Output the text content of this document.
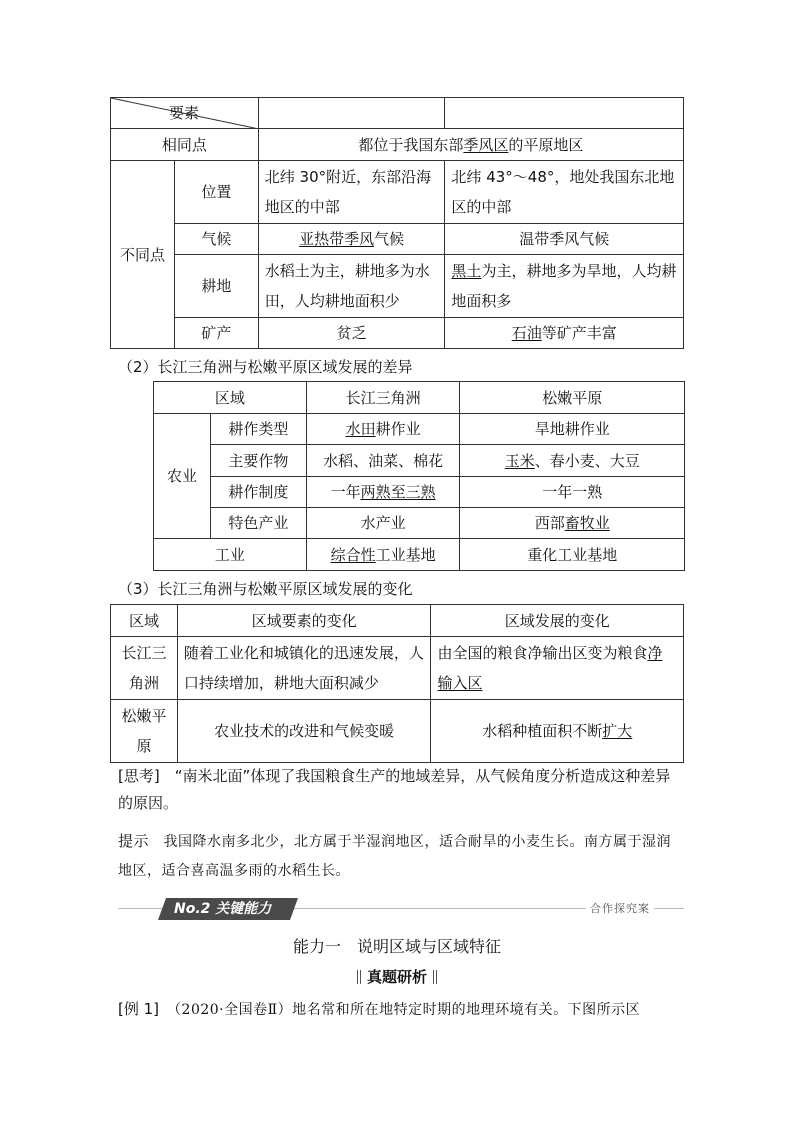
要素			

相同点		都位于我国东部季风区的平原地区	
不同点	位置	北纬 30°附近，东部沿海地区的中部	北纬 43°～48°，地处我国东北地区的中部
	气候	亚热带季风气候	温带季风气候
	耕地	水稻土为主，耕地多为水田，人均耕地面积少	黑土为主，耕地多为旱地，人均耕地面积多
	矿产	贫乏	石油等矿产丰富
（2）长江三角洲与松嫩平原区域发展的差异
区域		长江三角洲	松嫩平原
农业	耕作类型	水田耕作业	旱地耕作业
	主要作物	水稻、油菜、棉花	玉米、春小麦、大豆
	耕作制度	一年两熟至三熟	一年一熟
	特色产业	水产业	西部畜牧业
工业		综合性工业基地	重化工业基地
（3）长江三角洲与松嫩平原区域发展的变化
区域	区域要素的变化	区域发展的变化
长江三角洲	随着工业化和城镇化的迅速发展，人口持续增加，耕地大面积减少	由全国的粮食净输出区变为粮食净输入区
松嫩平原	农业技术的改进和气候变暖	水稻种植面积不断扩大
[思考]　 “南米北面”体现了我国粮食生产的地域差异，从气候角度分析造成这种差异的原因。
提示　 我国降水南多北少，北方属于半湿润地区，适合耐旱的小麦生长。南方属于湿润地区，适合喜高温多雨的水稻生长。
No.2 关键能力	合作探究案
能力一　说明区域与区域特征
真题研析
[例 1]　 （2020·全国卷Ⅱ）地名常和所在地特定时期的地理环境有关。下图所示区
